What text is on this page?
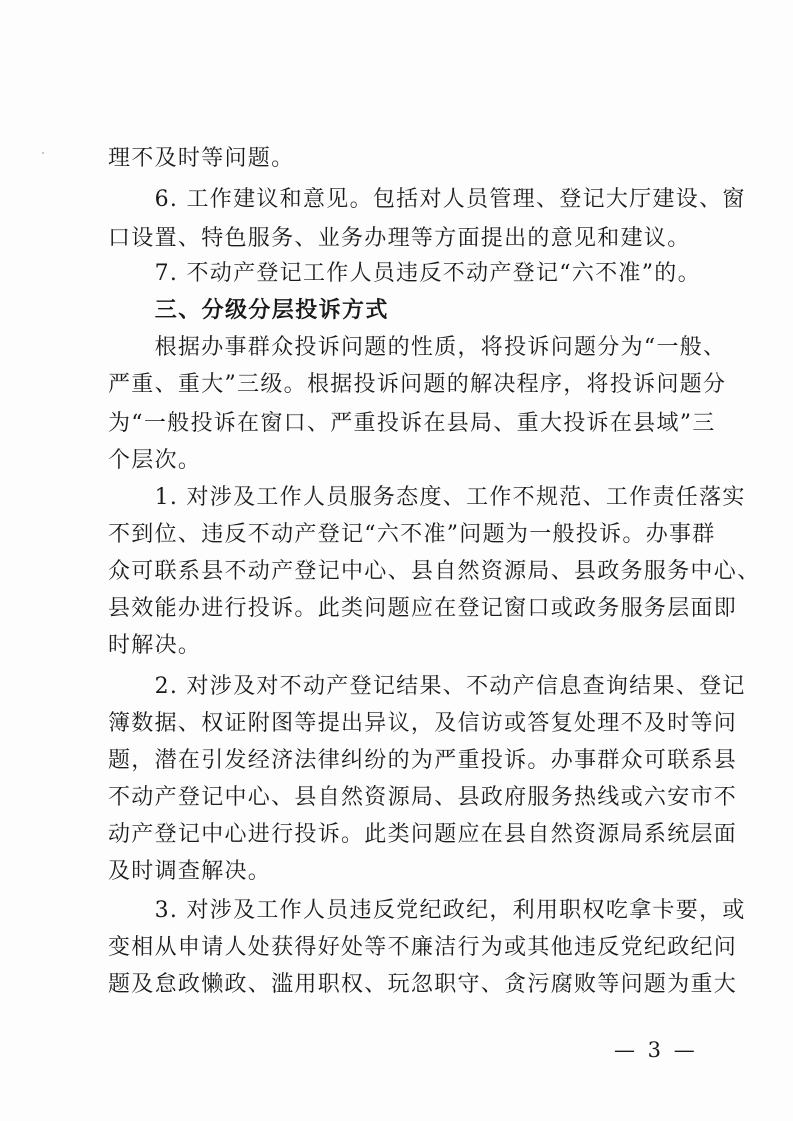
理不及时等问题。
　　6. 工作建议和意见。包括对人员管理、登记大厅建设、窗
口设置、特色服务、业务办理等方面提出的意见和建议。
　　7. 不动产登记工作人员违反不动产登记“六不准”的。
　　三、分级分层投诉方式
　　根据办事群众投诉问题的性质，将投诉问题分为“一般、
严重、重大”三级。根据投诉问题的解决程序，将投诉问题分
为“一般投诉在窗口、严重投诉在县局、重大投诉在县域”三
个层次。
　　1. 对涉及工作人员服务态度、工作不规范、工作责任落实
不到位、违反不动产登记“六不准”问题为一般投诉。办事群
众可联系县不动产登记中心、县自然资源局、县政务服务中心、
县效能办进行投诉。此类问题应在登记窗口或政务服务层面即
时解决。
　　2. 对涉及对不动产登记结果、不动产信息查询结果、登记
簿数据、权证附图等提出异议，及信访或答复处理不及时等问
题，潜在引发经济法律纠纷的为严重投诉。办事群众可联系县
不动产登记中心、县自然资源局、县政府服务热线或六安市不
动产登记中心进行投诉。此类问题应在县自然资源局系统层面
及时调查解决。
　　3. 对涉及工作人员违反党纪政纪，利用职权吃拿卡要，或
变相从申请人处获得好处等不廉洁行为或其他违反党纪政纪问
题及怠政懒政、滥用职权、玩忽职守、贪污腐败等问题为重大
— 3 —
